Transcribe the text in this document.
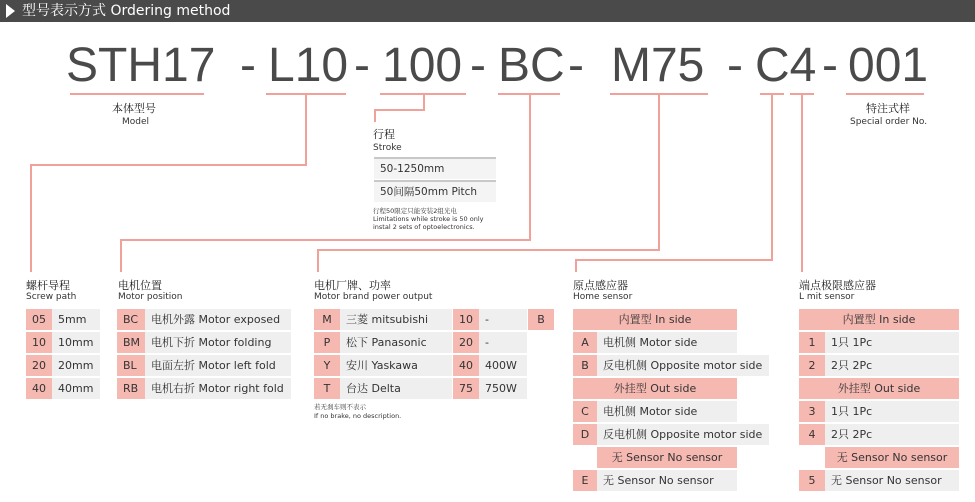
型号表示方式 Ordering method
STH17 - L10 - 100 - BC - M75 - C4 - 001
本体型号
Model
特注式样
Special order No.
行程
Stroke
50-1250mm
50间隔50mm Pitch
行程50限定只能安装2组光电
Limitations while stroke is 50 only
instal 2 sets of optoelectronics.
螺杆导程
Screw path
电机位置
Motor position
电机厂牌、功率
Motor brand power output
原点感应器
Home sensor
端点极限感应器
L mit sensor
05	5mm
10	10mm
20	20mm
40	40mm
BC	电机外露 Motor exposed
BM 电机下折 Motor folding
BL	电面左折 Motor left fold
RB	电机右折 Motor right fold
M	三菱 mitsubishi	10	-	B
P	松下 Panasonic	20	-
Y	安川 Yaskawa	40	400W
T	台达 Delta	75	750W
若无刹车则不表示
If no brake, no description.
内置型 In side
A	电机侧 Motor side
B	反电机侧 Opposite motor side
外挂型 Out side
C	电机侧 Motor side
D	反电机侧 Opposite motor side
无 Sensor No sensor
E	无 Sensor No sensor
内置型 In side
1	1只 1Pc
2	2只 2Pc
外挂型 Out side
3	1只 1Pc
4	2只 2Pc
无 Sensor No sensor
5	无 Sensor No sensor
